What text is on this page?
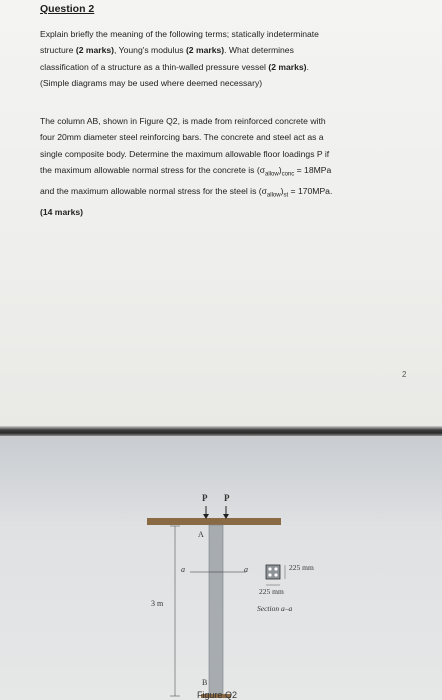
Question 2
Explain briefly the meaning of the following terms; statically indeterminate
structure (2 marks), Young's modulus (2 marks). What determines
classification of a structure as a thin-walled pressure vessel (2 marks).
(Simple diagrams may be used where deemed necessary)
The column AB, shown in Figure Q2, is made from reinforced concrete with
four 20mm diameter steel reinforcing bars. The concrete and steel act as a
single composite body. Determine the maximum allowable floor loadings P if
the maximum allowable normal stress for the concrete is $(\sigma_{allow})_{conc} = 18MPa$
and the maximum allowable normal stress for the steel is $(\sigma_{allow})_{st} = 170MPa$.
(14 marks)
2
P P
A
B
a	a
3 m
225 mm
225 mm
Section a–a
Figure Q2
